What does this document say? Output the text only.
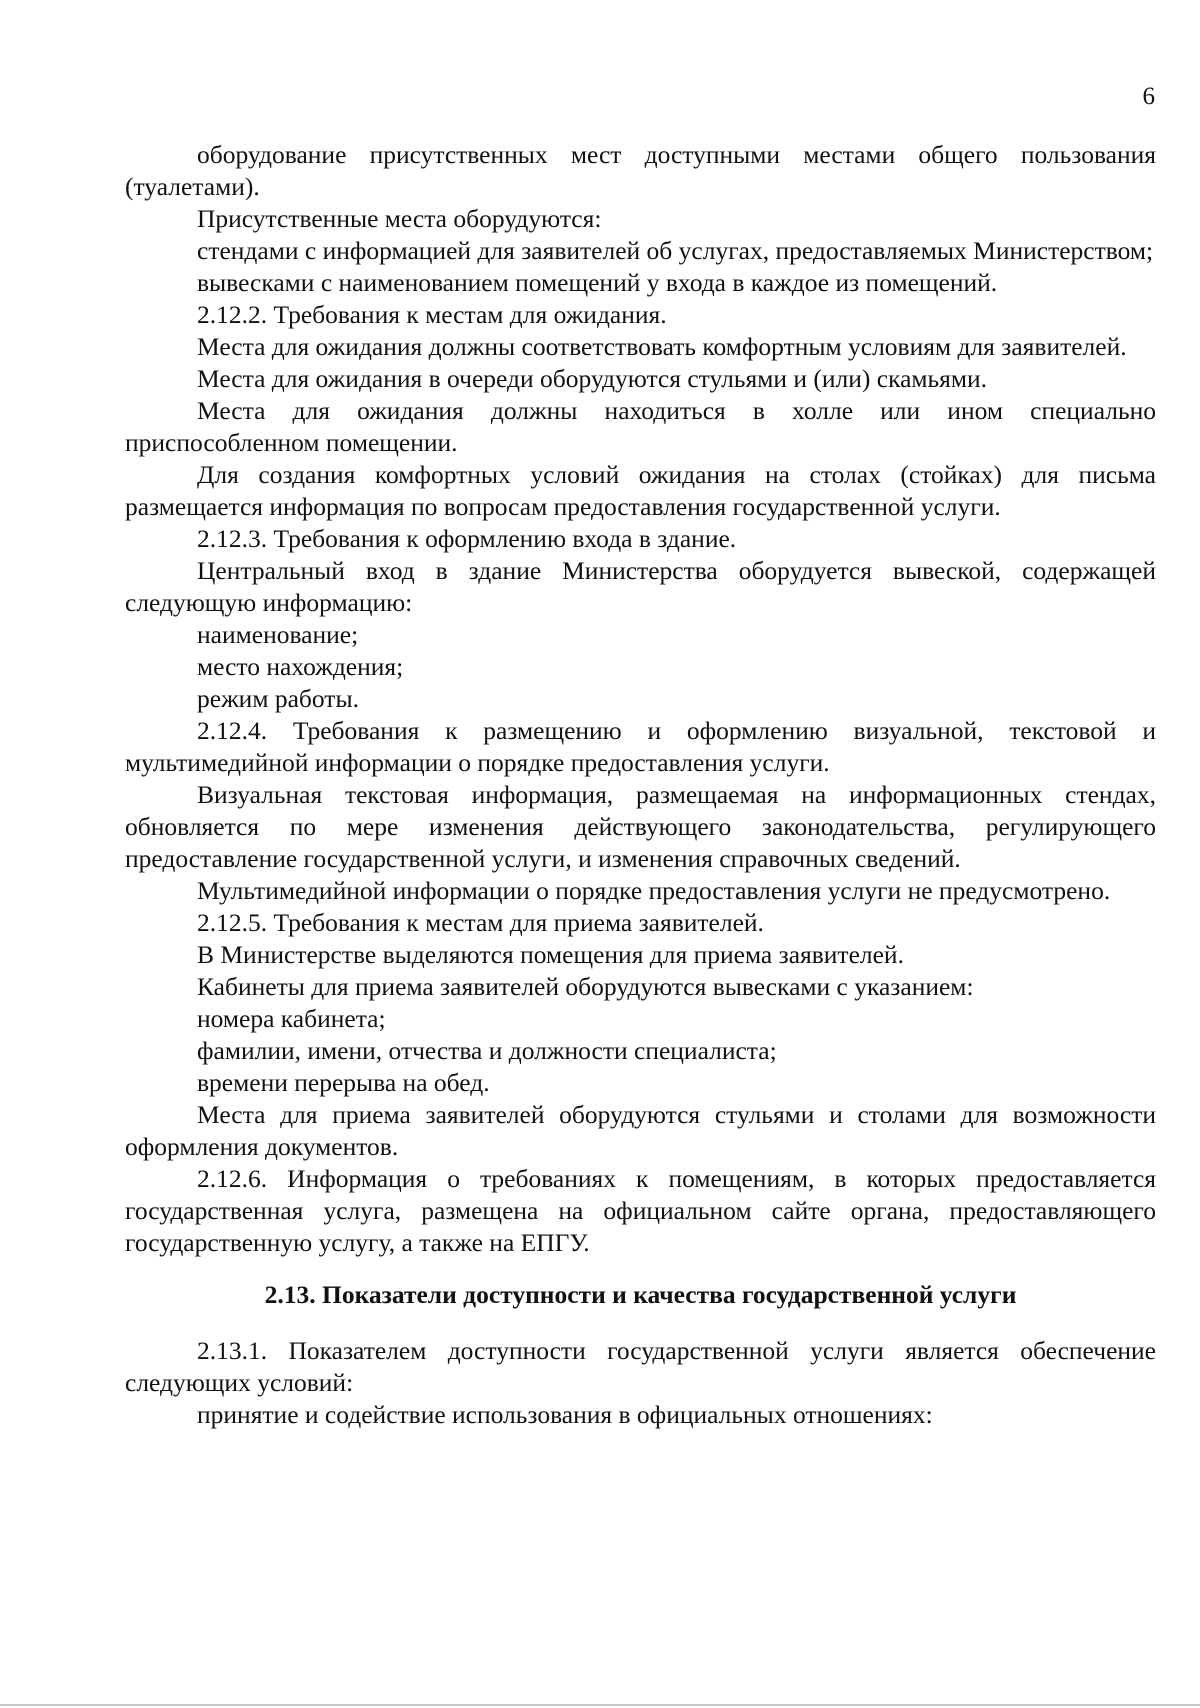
6

оборудование присутственных мест доступными местами общего пользования (туалетами).

Присутственные места оборудуются:

стендами с информацией для заявителей об услугах, предоставляемых Министерством;

вывесками с наименованием помещений у входа в каждое из помещений.

2.12.2. Требования к местам для ожидания.

Места для ожидания должны соответствовать комфортным условиям для заявителей.

Места для ожидания в очереди оборудуются стульями и (или) скамьями.

Места для ожидания должны находиться в холле или ином специально приспособленном помещении.

Для создания комфортных условий ожидания на столах (стойках) для письма размещается информация по вопросам предоставления государственной услуги.

2.12.3. Требования к оформлению входа в здание.

Центральный вход в здание Министерства оборудуется вывеской, содержащей следующую информацию:

наименование;

место нахождения;

режим работы.

2.12.4. Требования к размещению и оформлению визуальной, текстовой и мультимедийной информации о порядке предоставления услуги.

Визуальная текстовая информация, размещаемая на информационных стендах, обновляется по мере изменения действующего законодательства, регулирующего предоставление государственной услуги, и изменения справочных сведений.

Мультимедийной информации о порядке предоставления услуги не предусмотрено.

2.12.5. Требования к местам для приема заявителей.

В Министерстве выделяются помещения для приема заявителей.

Кабинеты для приема заявителей оборудуются вывесками с указанием:

номера кабинета;

фамилии, имени, отчества и должности специалиста;

времени перерыва на обед.

Места для приема заявителей оборудуются стульями и столами для возможности оформления документов.

2.12.6. Информация о требованиях к помещениям, в которых предоставляется государственная услуга, размещена на официальном сайте органа, предоставляющего государственную услугу, а также на ЕПГУ.

2.13. Показатели доступности и качества государственной услуги

2.13.1. Показателем доступности государственной услуги является обеспечение следующих условий:

принятие и содействие использования в официальных отношениях:
